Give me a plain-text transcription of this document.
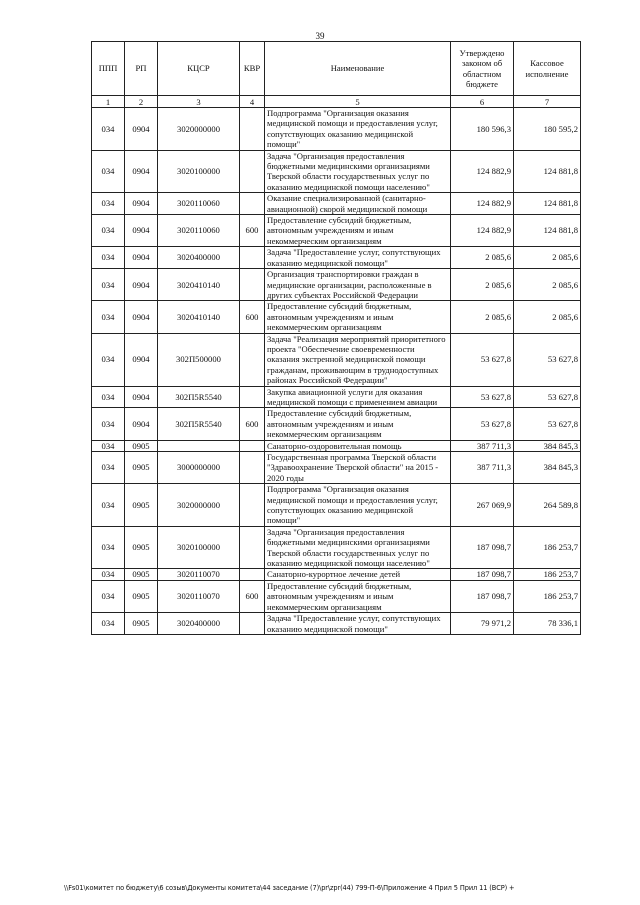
39
ППП	РП	КЦСР	КВР	Наименование	Утверждено законом об областном бюджете	Кассовое исполнение
1	2	3	4	5	6	7
034	0904	3020000000		Подпрограмма "Организация оказания медицинской помощи и предоставления услуг, сопутствующих оказанию медицинской помощи"	180 596,3	180 595,2
034	0904	3020100000		Задача "Организация предоставления бюджетными медицинскими организациями Тверской области государственных услуг по оказанию медицинской помощи населению"	124 882,9	124 881,8
034	0904	3020110060		Оказание специализированной (санитарно-авиационной) скорой медицинской помощи	124 882,9	124 881,8
034	0904	3020110060	600	Предоставление субсидий бюджетным, автономным учреждениям и иным некоммерческим организациям	124 882,9	124 881,8
034	0904	3020400000		Задача "Предоставление услуг, сопутствующих оказанию медицинской помощи"	2 085,6	2 085,6
034	0904	3020410140		Организация транспортировки граждан в медицинские организации, расположенные в других субъектах Российской Федерации	2 085,6	2 085,6
034	0904	3020410140	600	Предоставление субсидий бюджетным, автономным учреждениям и иным некоммерческим организациям	2 085,6	2 085,6
034	0904	302П500000		Задача "Реализация мероприятий приоритетного проекта "Обеспечение своевременности оказания экстренной медицинской помощи гражданам, проживающим в труднодоступных районах Российской Федерации"	53 627,8	53 627,8
034	0904	302П5R5540		Закупка авиационной услуги для оказания медицинской помощи с применением авиации	53 627,8	53 627,8
034	0904	302П5R5540	600	Предоставление субсидий бюджетным, автономным учреждениям и иным некоммерческим организациям	53 627,8	53 627,8
034	0905			Санаторно-оздоровительная помощь	387 711,3	384 845,3
034	0905	3000000000		Государственная программа Тверской области "Здравоохранение Тверской области" на 2015 - 2020 годы	387 711,3	384 845,3
034	0905	3020000000		Подпрограмма "Организация оказания медицинской помощи и предоставления услуг, сопутствующих оказанию медицинской помощи"	267 069,9	264 589,8
034	0905	3020100000		Задача "Организация предоставления бюджетными медицинскими организациями Тверской области государственных услуг по оказанию медицинской помощи населению"	187 098,7	186 253,7
034	0905	3020110070		Санаторно-курортное лечение детей	187 098,7	186 253,7
034	0905	3020110070	600	Предоставление субсидий бюджетным, автономным учреждениям и иным некоммерческим организациям	187 098,7	186 253,7
034	0905	3020400000		Задача "Предоставление услуг, сопутствующих оказанию медицинской помощи"	79 971,2	78 336,1
\\Fs01\комитет по бюджету\6 созыв\Документы комитета\44 заседание (7)\pr\zpr(44) 799-П-6\Приложение 4 Прил 5 Прил 11 (ВСР) +
